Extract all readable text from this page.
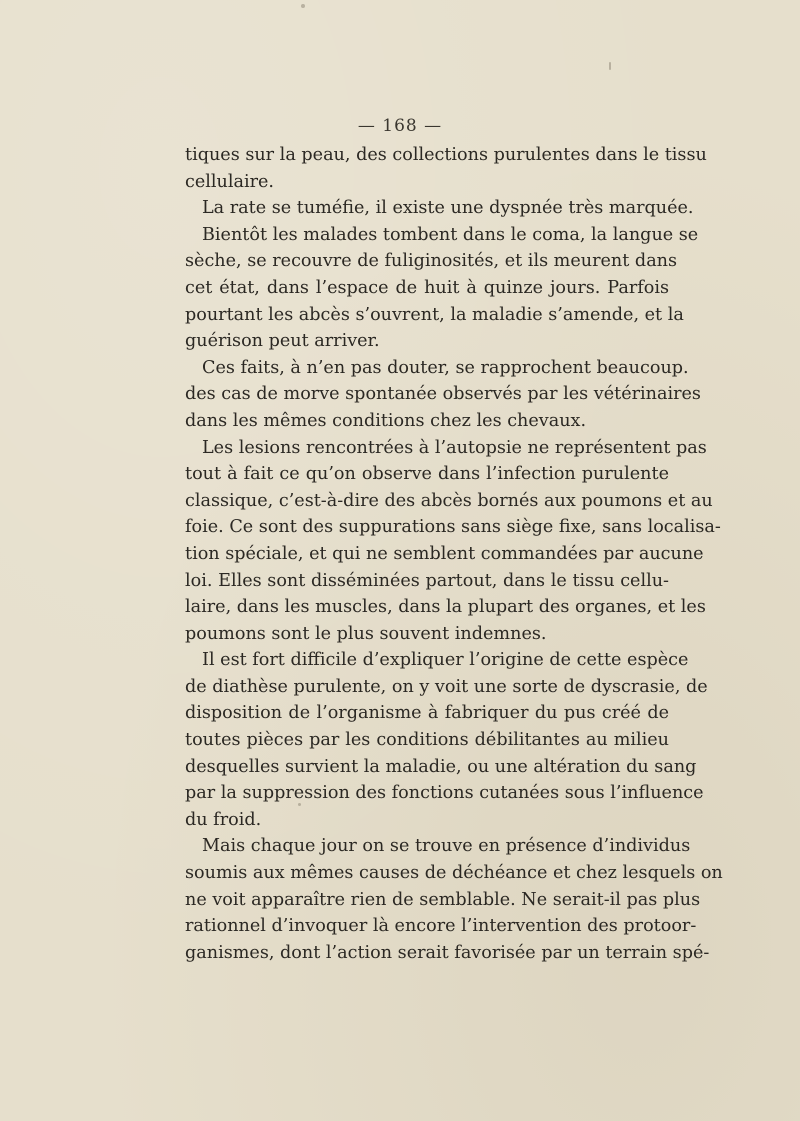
— 168 —
tiques sur la peau, des collections purulentes dans le tissu
cellulaire.
La rate se tuméfie, il existe une dyspnée très marquée.
Bientôt les malades tombent dans le coma, la langue se
sèche, se recouvre de fuliginosités, et ils meurent dans
cet état, dans l’espace de huit à quinze jours. Parfois
pourtant les abcès s’ouvrent, la maladie s’amende, et la
guérison peut arriver.
Ces faits, à n’en pas douter, se rapprochent beaucoup.
des cas de morve spontanée observés par les vétérinaires
dans les mêmes conditions chez les chevaux.
Les lesions rencontrées à l’autopsie ne représentent pas
tout à fait ce qu’on observe dans l’infection purulente
classique, c’est-à-dire des abcès bornés aux poumons et au
foie. Ce sont des suppurations sans siège fixe, sans localisa-
tion spéciale, et qui ne semblent commandées par aucune
loi. Elles sont disséminées partout, dans le tissu cellu-
laire, dans les muscles, dans la plupart des organes, et les
poumons sont le plus souvent indemnes.
Il est fort difficile d’expliquer l’origine de cette espèce
de diathèse purulente, on y voit une sorte de dyscrasie, de
disposition de l’organisme à fabriquer du pus créé de
toutes pièces par les conditions débilitantes au milieu
desquelles survient la maladie, ou une altération du sang
par la suppression des fonctions cutanées sous l’influence
du froid.
Mais chaque jour on se trouve en présence d’individus
soumis aux mêmes causes de déchéance et chez lesquels on
ne voit apparaître rien de semblable. Ne serait-il pas plus
rationnel d’invoquer là encore l’intervention des protoor-
ganismes, dont l’action serait favorisée par un terrain spé-
